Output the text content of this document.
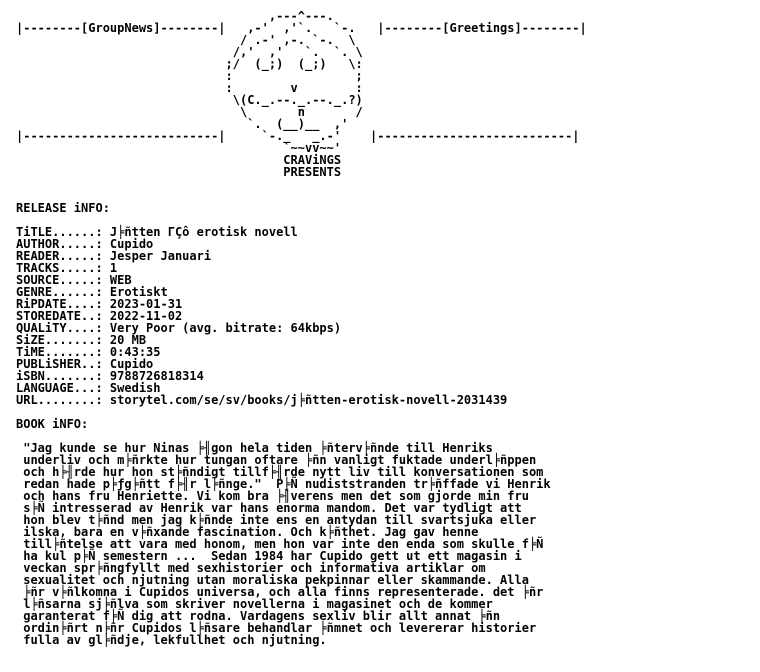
,---^---.
|--------[GroupNews]--------|   ,-'  ,'`.   `-.   |--------[Greetings]--------|
/ .-' ,-. `-.  \
/,'  ,'   `.  `. \
;/  (_;)  (_;)   \:
:                 ;
:        v        :
\(C._.--._.--._.?)
\       n       /
`.  (__)__  ,'
|---------------------------|     `-._   _.-'    |---------------------------|
`~~vv~~'
CRAViNGS
PRESENTS
RELEASE iNFO:
TiTLE......: J╞ñtten ΓÇô erotisk novell
AUTHOR.....: Cupido
READER.....: Jesper Januari
TRACKS.....: 1
SOURCE.....: WEB
GENRE......: Erotiskt
RiPDATE....: 2023-01-31
STOREDATE..: 2022-11-02
QUALiTY....: Very Poor (avg. bitrate: 64kbps)
SiZE.......: 20 MB
TiME.......: 0:43:35
PUBLiSHER..: Cupido
iSBN.......: 9788726818314
LANGUAGE...: Swedish
URL........: storytel.com/se/sv/books/j╞ñtten-erotisk-novell-2031439
BOOK iNFO:
"Jag kunde se hur Ninas ╞╢gon hela tiden ╞ñterv╞ñnde till Henriks
underliv och m╞ñrkte hur tungan oftare ╞ñn vanligt fuktade underl╞ñppen
och h╞╢rde hur hon st╞ñndigt tillf╞╢rde nytt liv till konversationen som
redan hade p╞ƒg╞ñtt f╞╢r l╞ñnge."  P╞Ñ nudiststranden tr╞ñffade vi Henrik
och hans fru Henriette. Vi kom bra ╞╢verens men det som gjorde min fru
s╞Ñ intresserad av Henrik var hans enorma mandom. Det var tydligt att
hon blev t╞ñnd men jag k╞ñnde inte ens en antydan till svartsjuka eller
ilska, bara en v╞ñxande fascination. Och k╞ñthet. Jag gav henne
till╞ñtelse att vara med honom, men hon var inte den enda som skulle f╞Ñ
ha kul p╞Ñ semestern ...  Sedan 1984 har Cupido gett ut ett magasin i
veckan spr╞ñngfyllt med sexhistorier och informativa artiklar om
sexualitet och njutning utan moraliska pekpinnar eller skammande. Alla
╞ñr v╞ñlkomna i Cupidos universa, och alla finns representerade. det ╞ñr
l╞ñsarna sj╞ñlva som skriver novellerna i magasinet och de kommer
garanterat f╞Ñ dig att rodna. Vardagens sexliv blir allt annat ╞ñn
ordin╞ñrt n╞ñr Cupidos l╞ñsare behandlar ╞ñmnet och levererar historier
fulla av gl╞ñdje, lekfullhet och njutning.
